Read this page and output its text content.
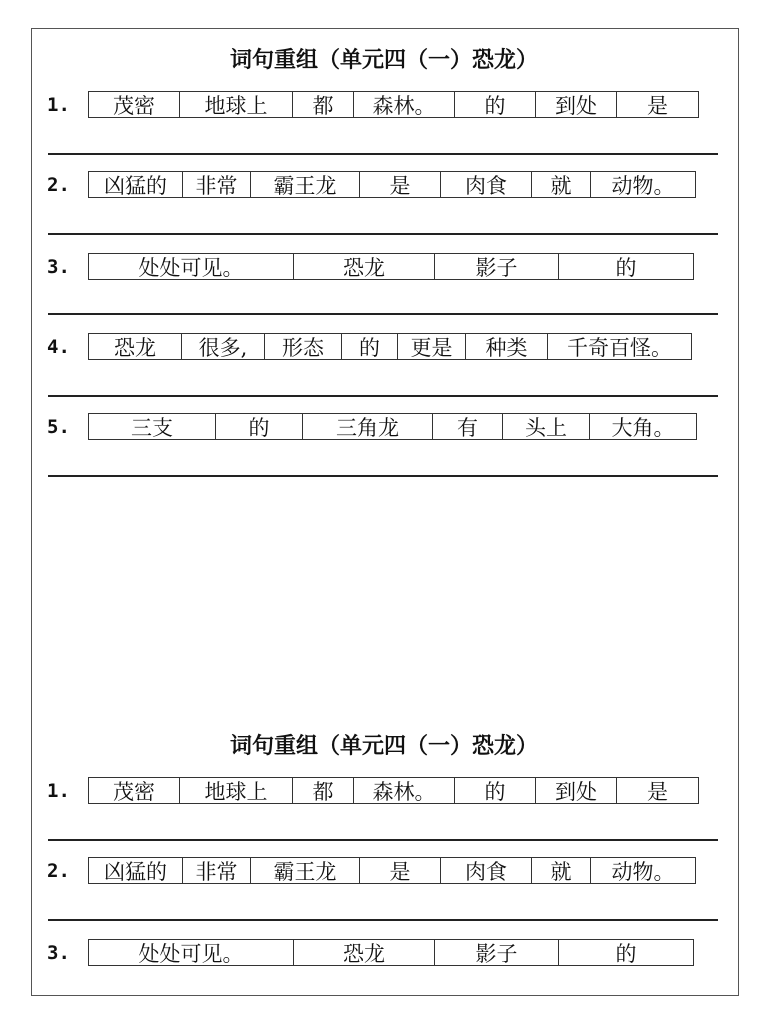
词句重组（单元四（一）恐龙）
1.	茂密	地球上	都	森林。	的	到处	是
2.	凶猛的	非常	霸王龙	是	肉食	就	动物。
3.	处处可见。	恐龙	影子	的
4.	恐龙	很多,	形态	的	更是	种类	千奇百怪。
5.	三支	的	三角龙	有	头上	大角。
词句重组（单元四（一）恐龙）
1.	茂密	地球上	都	森林。	的	到处	是
2.	凶猛的	非常	霸王龙	是	肉食	就	动物。
3.	处处可见。	恐龙	影子	的
